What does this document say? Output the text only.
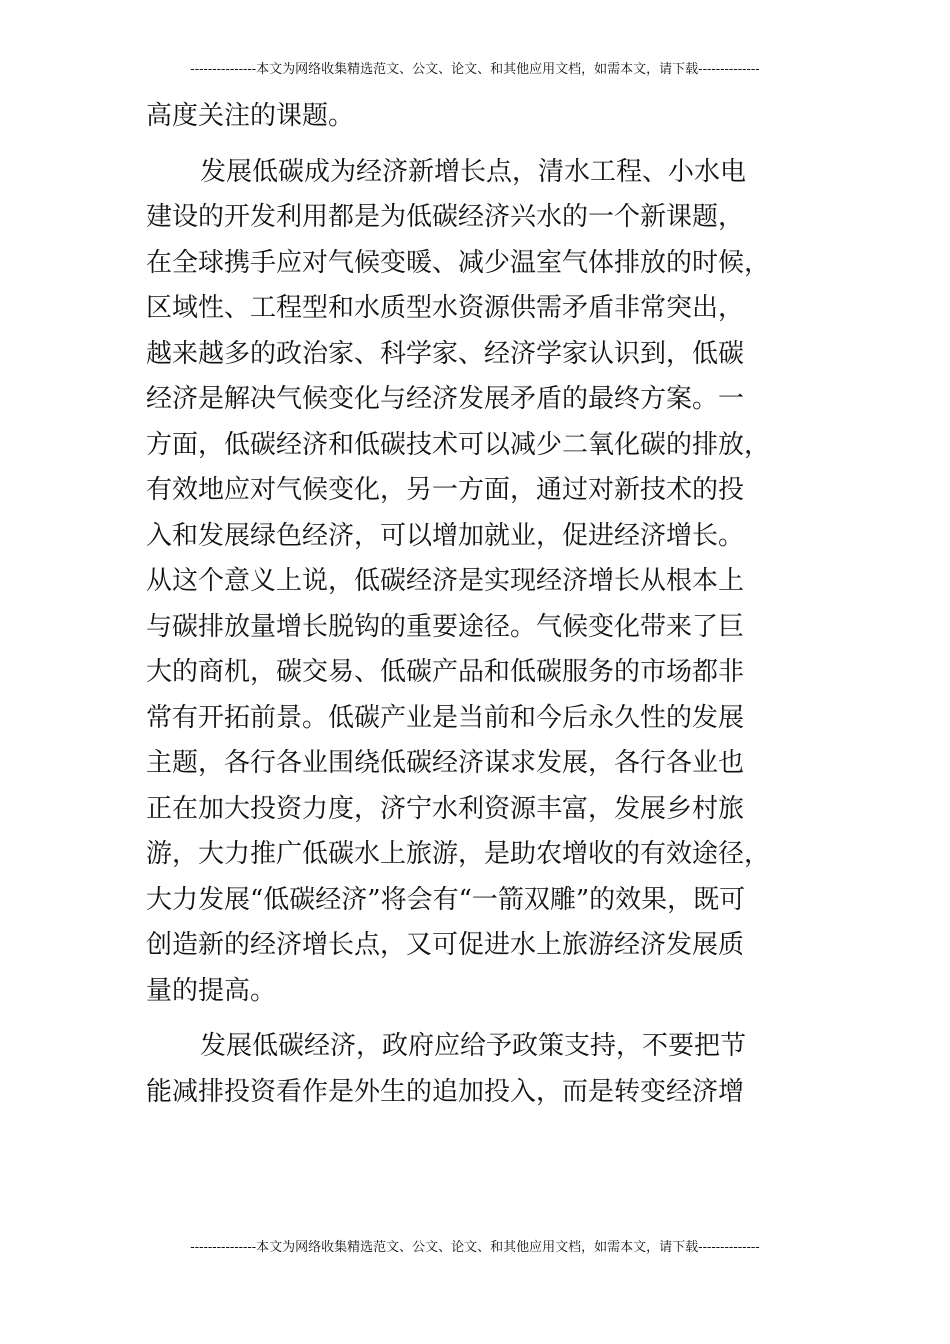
---------------本文为网络收集精选范文、公文、论文、和其他应用文档，如需本文，请下载--------------
高度关注的课题。
发展低碳成为经济新增长点，清水工程、小水电
建设的开发利用都是为低碳经济兴水的一个新课题，
在全球携手应对气候变暖、减少温室气体排放的时候，
区域性、工程型和水质型水资源供需矛盾非常突出，
越来越多的政治家、科学家、经济学家认识到，低碳
经济是解决气候变化与经济发展矛盾的最终方案。一
方面，低碳经济和低碳技术可以减少二氧化碳的排放，
有效地应对气候变化，另一方面，通过对新技术的投
入和发展绿色经济，可以增加就业，促进经济增长。
从这个意义上说，低碳经济是实现经济增长从根本上
与碳排放量增长脱钩的重要途径。气候变化带来了巨
大的商机，碳交易、低碳产品和低碳服务的市场都非
常有开拓前景。低碳产业是当前和今后永久性的发展
主题，各行各业围绕低碳经济谋求发展，各行各业也
正在加大投资力度，济宁水利资源丰富，发展乡村旅
游，大力推广低碳水上旅游，是助农增收的有效途径，
大力发展“低碳经济”将会有“一箭双雕”的效果，既可
创造新的经济增长点，又可促进水上旅游经济发展质
量的提高。
发展低碳经济，政府应给予政策支持，不要把节
能减排投资看作是外生的追加投入，而是转变经济增
---------------本文为网络收集精选范文、公文、论文、和其他应用文档，如需本文，请下载--------------
